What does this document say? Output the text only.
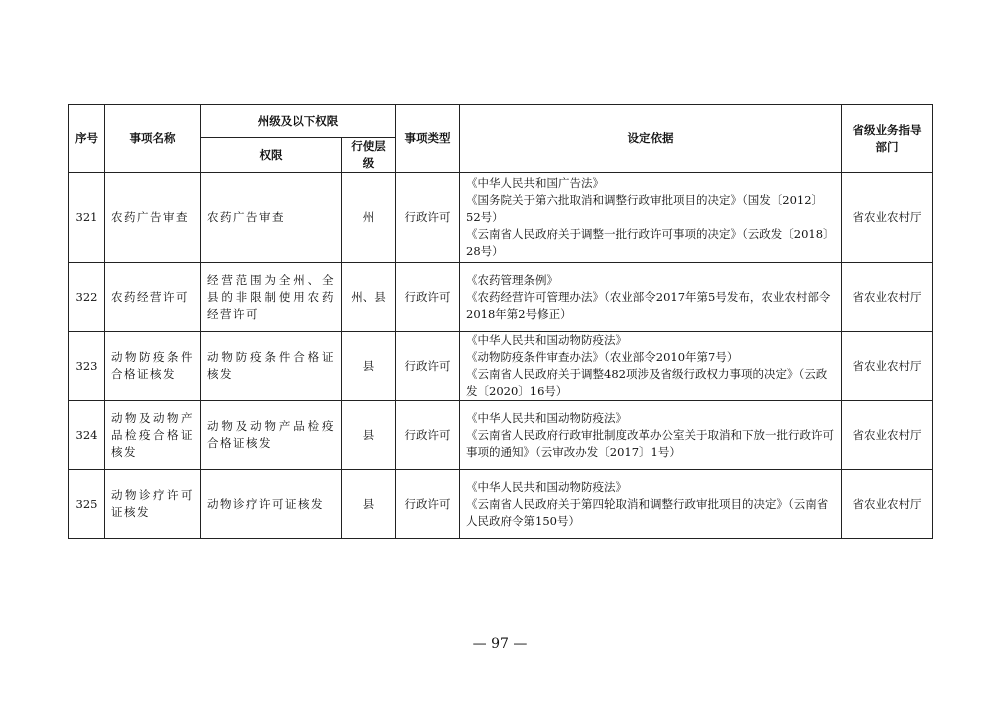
序号	事项名称	州级及以下权限		事项类型	设定依据	省级业务指导部门
		权限	行使层级			
321	农药广告审查	农药广告审查	州	行政许可	《中华人民共和国广告法》
《国务院关于第六批取消和调整行政审批项目的决定》（国发〔2012〕52号）
《云南省人民政府关于调整一批行政许可事项的决定》（云政发〔2018〕28号）	省农业农村厅
322	农药经营许可	经营范围为全州、全县的非限制使用农药经营许可	州、县	行政许可	《农药管理条例》
《农药经营许可管理办法》（农业部令2017年第5号发布，农业农村部令2018年第2号修正）	省农业农村厅
323	动物防疫条件合格证核发	动物防疫条件合格证核发	县	行政许可	《中华人民共和国动物防疫法》
《动物防疫条件审查办法》（农业部令2010年第7号）
《云南省人民政府关于调整482项涉及省级行政权力事项的决定》（云政发〔2020〕16号）	省农业农村厅
324	动物及动物产品检疫合格证核发	动物及动物产品检疫合格证核发	县	行政许可	《中华人民共和国动物防疫法》
《云南省人民政府行政审批制度改革办公室关于取消和下放一批行政许可事项的通知》（云审改办发〔2017〕1号）	省农业农村厅
325	动物诊疗许可证核发	动物诊疗许可证核发	县	行政许可	《中华人民共和国动物防疫法》
《云南省人民政府关于第四轮取消和调整行政审批项目的决定》（云南省人民政府令第150号）	省农业农村厅
— 97 —
